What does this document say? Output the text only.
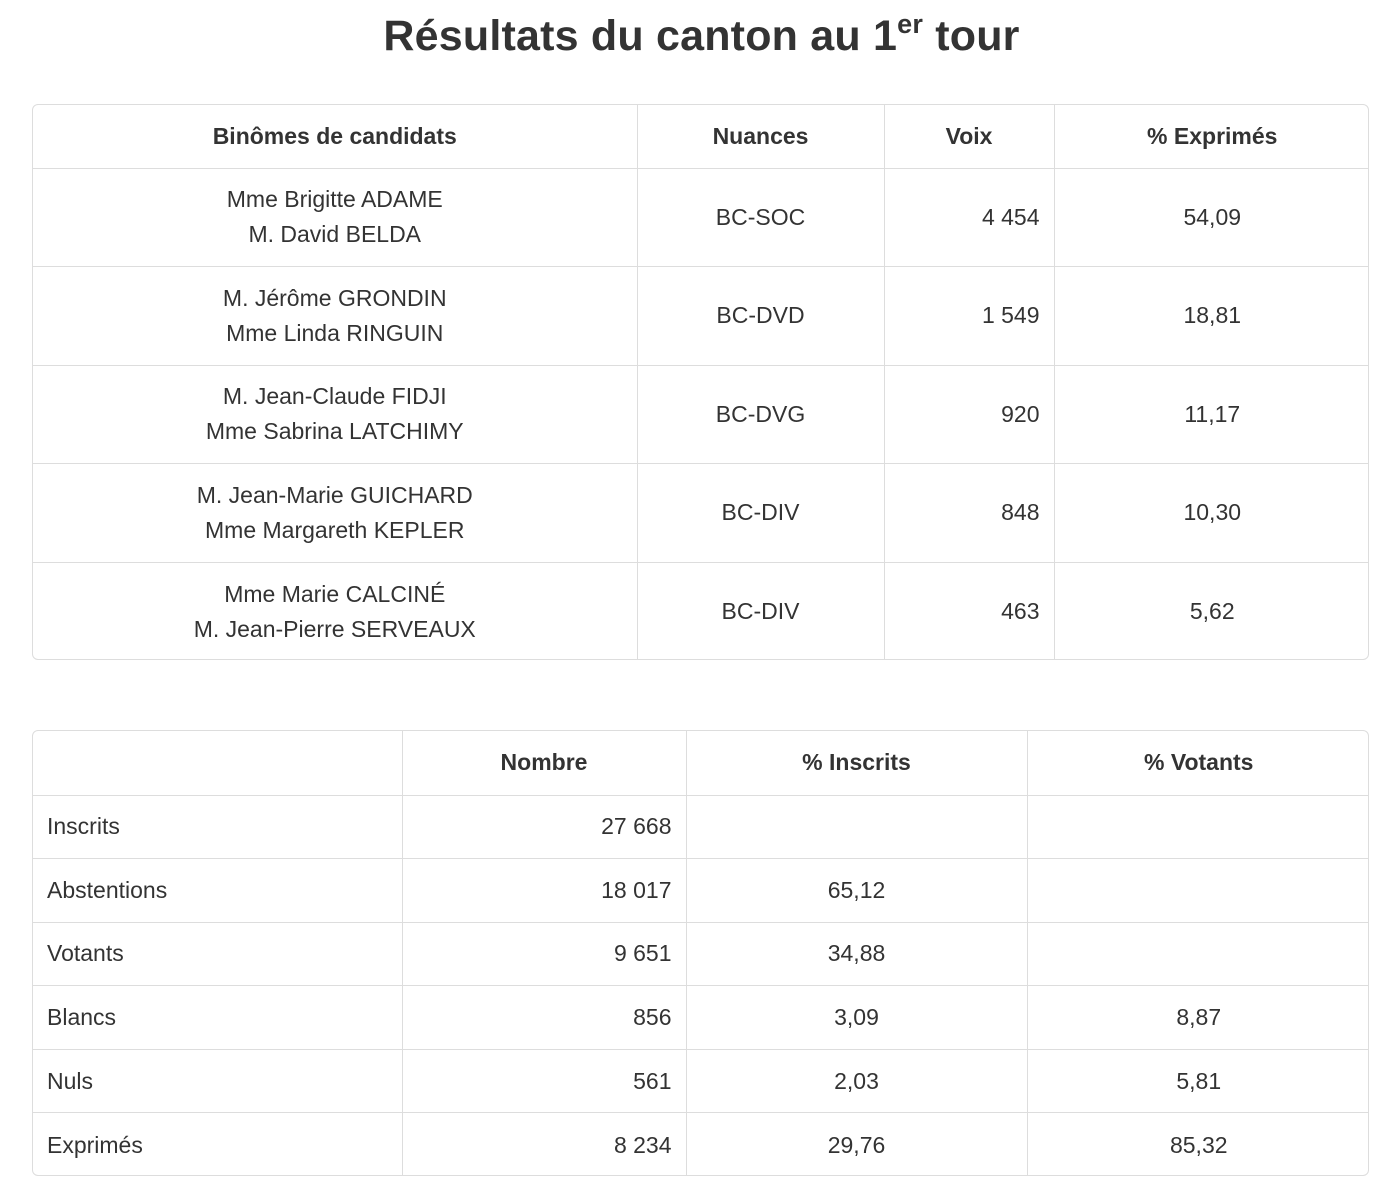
Résultats du canton au 1er tour
Binômes de candidats	Nuances	Voix	% Exprimés

Mme Brigitte ADAME
M. David BELDA	BC-SOC	4 454	54,09

M. Jérôme GRONDIN
Mme Linda RINGUIN	BC-DVD	1 549	18,81

M. Jean-Claude FIDJI
Mme Sabrina LATCHIMY	BC-DVG	920	11,17

M. Jean-Marie GUICHARD
Mme Margareth KEPLER	BC-DIV	848	10,30

Mme Marie CALCINÉ
M. Jean-Pierre SERVEAUX	BC-DIV	463	5,62
	Nombre	% Inscrits	% Votants
Inscrits	27 668		
Abstentions	18 017	65,12	
Votants	9 651	34,88	
Blancs	856	3,09	8,87
Nuls	561	2,03	5,81
Exprimés	8 234	29,76	85,32
